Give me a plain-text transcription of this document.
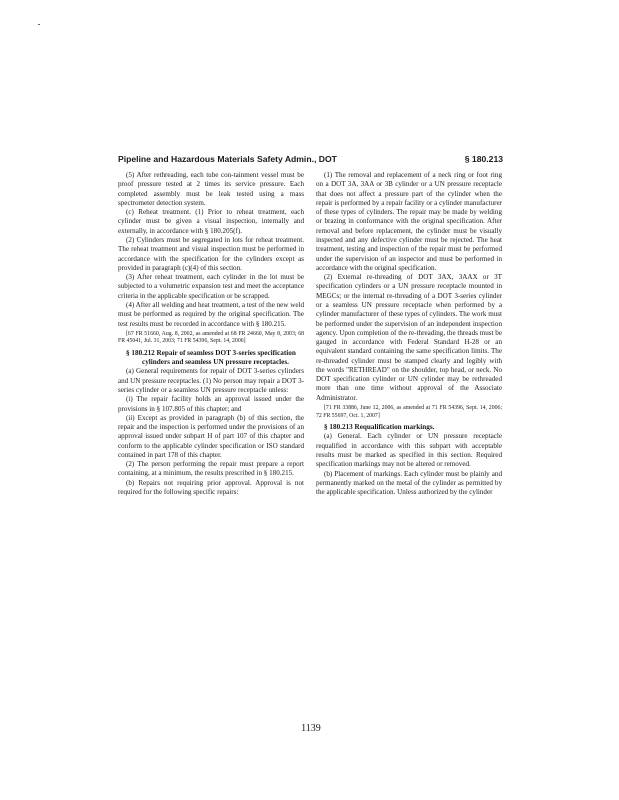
Pipeline and Hazardous Materials Safety Admin., DOT	§ 180.213

(5) After rethreading, each tube con-tainment vessel must be proof pressure tested at 2 times its service pressure. Each completed assembly must be leak tested using a mass spectrometer detection system.

(c) Reheat treatment. (1) Prior to reheat treatment, each cylinder must be given a visual inspection, internally and externally, in accordance with § 180.205(f).

(2) Cylinders must be segregated in lots for reheat treatment. The reheat treatment and visual inspection must be performed in accordance with the specification for the cylinders except as provided in paragraph (c)(4) of this section.

(3) After reheat treatment, each cylinder in the lot must be subjected to a volumetric expansion test and meet the acceptance criteria in the applicable specification or be scrapped.

(4) After all welding and heat treatment, a test of the new weld must be performed as required by the original specification. The test results must be recorded in accordance with § 180.215.

[67 FR 51660, Aug. 8, 2002, as amended at 68 FR 24660, May 8, 2003; 68 FR 45041, Jul. 31, 2003; 71 FR 54396, Sept. 14, 2006]

§ 180.212 Repair of seamless DOT 3-series specification cylinders and seamless UN pressure receptacles.

(a) General requirements for repair of DOT 3-series cylinders and UN pressure receptacles. (1) No person may repair a DOT 3-series cylinder or a seamless UN pressure receptacle unless:

(i) The repair facility holds an approval issued under the provisions in § 107.805 of this chapter; and

(ii) Except as provided in paragraph (b) of this section, the repair and the inspection is performed under the provisions of an approval issued under subpart H of part 107 of this chapter and conform to the applicable cylinder specification or ISO standard contained in part 178 of this chapter.

(2) The person performing the repair must prepare a report containing, at a minimum, the results prescribed in § 180.215.

(b) Repairs not requiring prior approval. Approval is not required for the following specific repairs:

(1) The removal and replacement of a neck ring or foot ring on a DOT 3A, 3AA or 3B cylinder or a UN pressure receptacle that does not affect a pressure part of the cylinder when the repair is performed by a repair facility or a cylinder manufacturer of these types of cylinders. The repair may be made by welding or brazing in conformance with the original specification. After removal and before replacement, the cylinder must be visually inspected and any defective cylinder must be rejected. The heat treatment, testing and inspection of the repair must be performed under the supervision of an inspector and must be performed in accordance with the original specification.

(2) External re-threading of DOT 3AX, 3AAX or 3T specification cylinders or a UN pressure receptacle mounted in MEGCs; or the internal re-threading of a DOT 3-series cylinder or a seamless UN pressure receptacle when performed by a cylinder manufacturer of these types of cylinders. The work must be performed under the supervision of an independent inspection agency. Upon completion of the re-threading, the threads must be gauged in accordance with Federal Standard H-28 or an equivalent standard containing the same specification limits. The re-threaded cylinder must be stamped clearly and legibly with the words "RETHREAD" on the shoulder, top head, or neck. No DOT specification cylinder or UN cylinder may be rethreaded more than one time without approval of the Associate Administrator.

[71 FR 33886, June 12, 2006, as amended at 71 FR 54396, Sept. 14, 2006; 72 FR 55697, Oct. 1, 2007]

§ 180.213 Requalification markings.

(a) General. Each cylinder or UN pressure receptacle requalified in accordance with this subpart with acceptable results must be marked as specified in this section. Required specification markings may not be altered or removed.

(b) Placement of markings. Each cylinder must be plainly and permanently marked on the metal of the cylinder as permitted by the applicable specification. Unless authorized by the cylinder

1139
